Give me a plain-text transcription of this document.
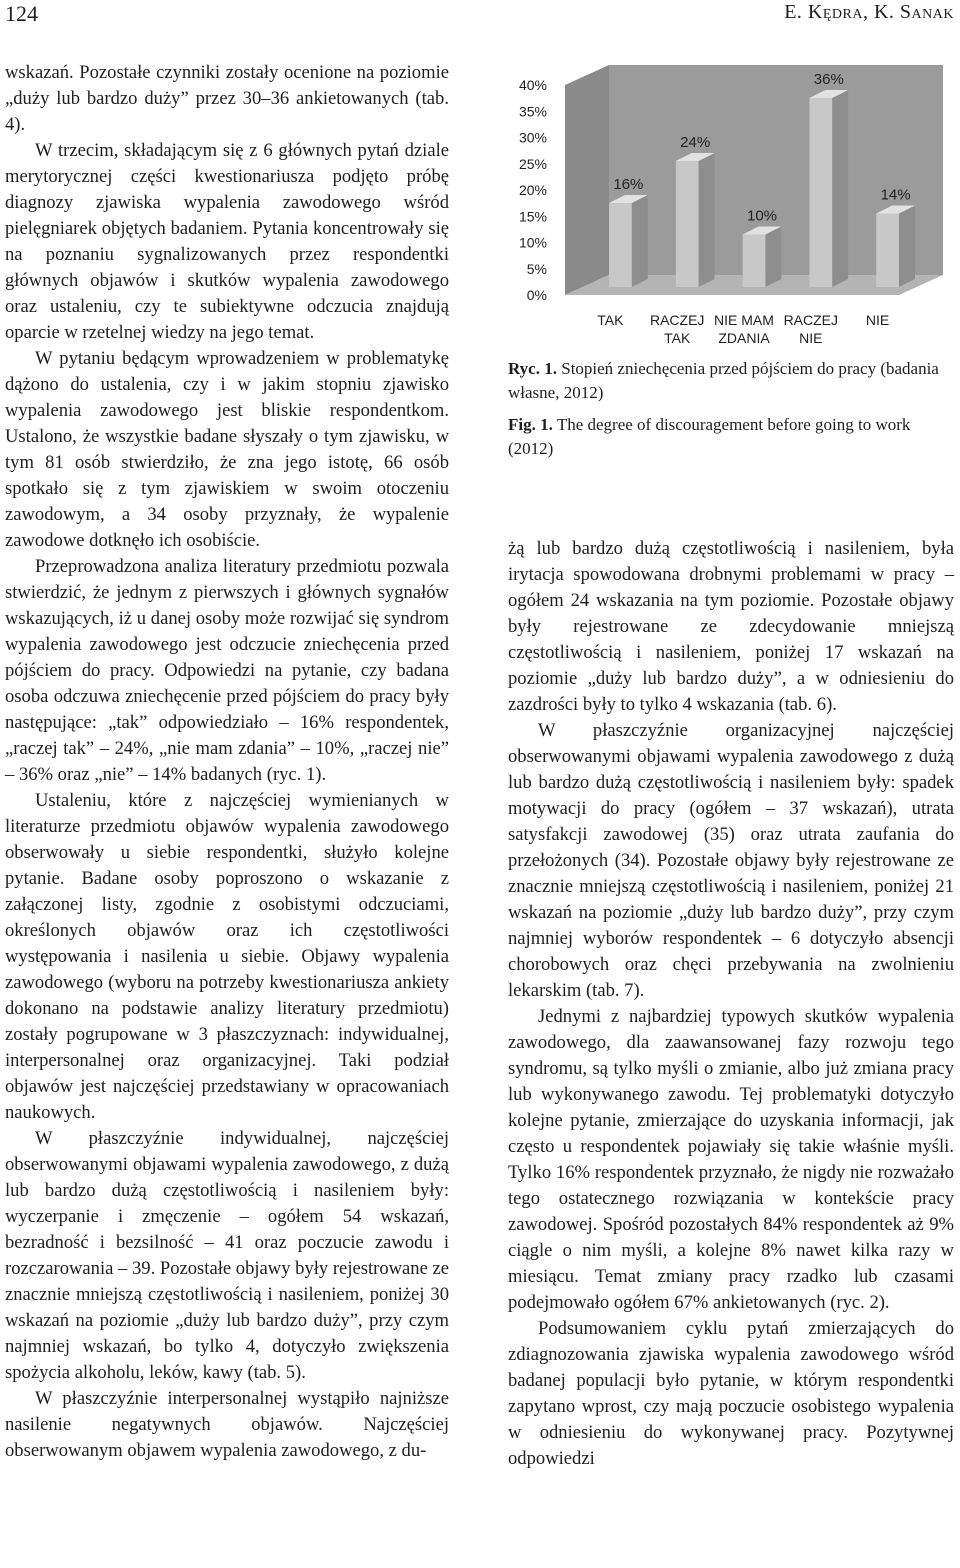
124	E. Kędra, K. Sanak

wskazań. Pozostałe czynniki zostały ocenione na poziomie „duży lub bardzo duży” przez 30–36 ankietowanych (tab. 4).

W trzecim, składającym się z 6 głównych pytań dziale merytorycznej części kwestionariusza podjęto próbę diagnozy zjawiska wypalenia zawodowego wśród pielęgniarek objętych badaniem. Pytania koncentrowały się na poznaniu sygnalizowanych przez respondentki głównych objawów i skutków wypalenia zawodowego oraz ustaleniu, czy te subiektywne odczucia znajdują oparcie w rzetelnej wiedzy na jego temat.

W pytaniu będącym wprowadzeniem w problematykę dążono do ustalenia, czy i w jakim stopniu zjawisko wypalenia zawodowego jest bliskie respondentkom. Ustalono, że wszystkie badane słyszały o tym zjawisku, w tym 81 osób stwierdziło, że zna jego istotę, 66 osób spotkało się z tym zjawiskiem w swoim otoczeniu zawodowym, a 34 osoby przyznały, że wypalenie zawodowe dotknęło ich osobiście.

Przeprowadzona analiza literatury przedmiotu pozwala stwierdzić, że jednym z pierwszych i głównych sygnałów wskazujących, iż u danej osoby może rozwijać się syndrom wypalenia zawodowego jest odczucie zniechęcenia przed pójściem do pracy. Odpowiedzi na pytanie, czy badana osoba odczuwa zniechęcenie przed pójściem do pracy były następujące: „tak” odpowiedziało – 16% respondentek, „raczej tak” – 24%, „nie mam zdania” – 10%, „raczej nie” – 36% oraz „nie” – 14% badanych (ryc. 1).

Ustaleniu, które z najczęściej wymienianych w literaturze przedmiotu objawów wypalenia zawodowego obserwowały u siebie respondentki, służyło kolejne pytanie. Badane osoby poproszono o wskazanie z załączonej listy, zgodnie z osobistymi odczuciami, określonych objawów oraz ich częstotliwości występowania i nasilenia u siebie. Objawy wypalenia zawodowego (wyboru na potrzeby kwestionariusza ankiety dokonano na podstawie analizy literatury przedmiotu) zostały pogrupowane w 3 płaszczyznach: indywidualnej, interpersonalnej oraz organizacyjnej. Taki podział objawów jest najczęściej przedstawiany w opracowaniach naukowych.

W płaszczyźnie indywidualnej, najczęściej obserwowanymi objawami wypalenia zawodowego, z dużą lub bardzo dużą częstotliwością i nasileniem były: wyczerpanie i zmęczenie – ogółem 54 wskazań, bezradność i bezsilność – 41 oraz poczucie zawodu i rozczarowania – 39. Pozostałe objawy były rejestrowane ze znacznie mniejszą częstotliwością i nasileniem, poniżej 30 wskazań na poziomie „duży lub bardzo duży”, przy czym najmniej wskazań, bo tylko 4, dotyczyło zwiększenia spożycia alkoholu, leków, kawy (tab. 5).

W płaszczyźnie interpersonalnej wystąpiło najniższe nasilenie negatywnych objawów. Najczęściej obserwowanym objawem wypalenia zawodowego, z du-

0%
5%
10%
15%
20%
25%
30%
35%
40%
16%
TAK
24%
RACZEJ
TAK
10%
NIE MAM
ZDANIA
36%
RACZEJ
NIE
14%
NIE
Ryc. 1. Stopień zniechęcenia przed pójściem do pracy (badania własne, 2012)
Fig. 1. The degree of discouragement before going to work (2012)

żą lub bardzo dużą częstotliwością i nasileniem, była irytacja spowodowana drobnymi problemami w pracy – ogółem 24 wskazania na tym poziomie. Pozostałe objawy były rejestrowane ze zdecydowanie mniejszą częstotliwością i nasileniem, poniżej 17 wskazań na poziomie „duży lub bardzo duży”, a w odniesieniu do zazdrości były to tylko 4 wskazania (tab. 6).

W płaszczyźnie organizacyjnej najczęściej obserwowanymi objawami wypalenia zawodowego z dużą lub bardzo dużą częstotliwością i nasileniem były: spadek motywacji do pracy (ogółem – 37 wskazań), utrata satysfakcji zawodowej (35) oraz utrata zaufania do przełożonych (34). Pozostałe objawy były rejestrowane ze znacznie mniejszą częstotliwością i nasileniem, poniżej 21 wskazań na poziomie „duży lub bardzo duży”, przy czym najmniej wyborów respondentek – 6 dotyczyło absencji chorobowych oraz chęci przebywania na zwolnieniu lekarskim (tab. 7).

Jednymi z najbardziej typowych skutków wypalenia zawodowego, dla zaawansowanej fazy rozwoju tego syndromu, są tylko myśli o zmianie, albo już zmiana pracy lub wykonywanego zawodu. Tej problematyki dotyczyło kolejne pytanie, zmierzające do uzyskania informacji, jak często u respondentek pojawiały się takie właśnie myśli. Tylko 16% respondentek przyznało, że nigdy nie rozważało tego ostatecznego rozwiązania w kontekście pracy zawodowej. Spośród pozostałych 84% respondentek aż 9% ciągle o nim myśli, a kolejne 8% nawet kilka razy w miesiącu. Temat zmiany pracy rzadko lub czasami podejmowało ogółem 67% ankietowanych (ryc. 2).

Podsumowaniem cyklu pytań zmierzających do zdiagnozowania zjawiska wypalenia zawodowego wśród badanej populacji było pytanie, w którym respondentki zapytano wprost, czy mają poczucie osobistego wypalenia w odniesieniu do wykonywanej pracy. Pozytywnej odpowiedzi
